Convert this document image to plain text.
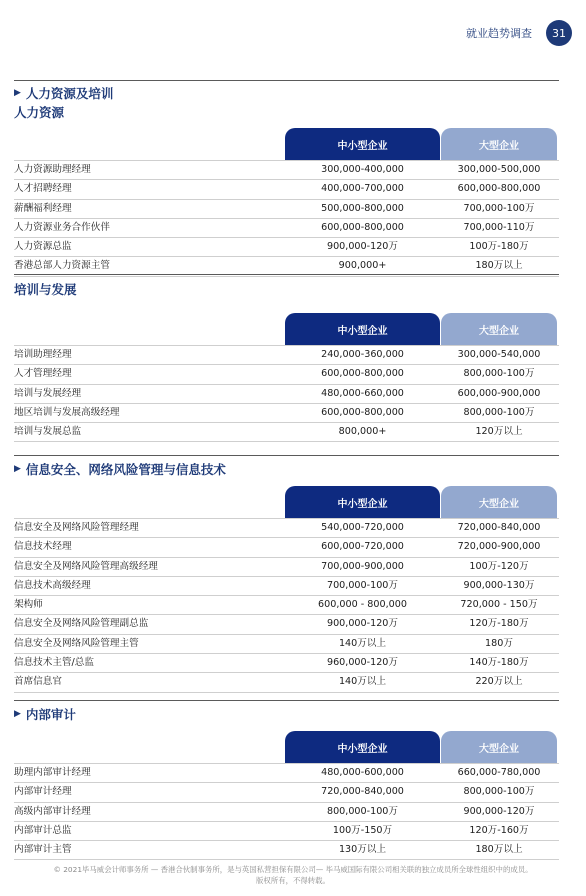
就业趋势调查	31
▶ 人力资源及培训
人力资源
中小型企业	大型企业
人力资源助理经理	300,000-400,000	300,000-500,000
人才招聘经理	400,000-700,000	600,000-800,000
薪酬福利经理	500,000-800,000	700,000-100万
人力资源业务合作伙伴	600,000-800,000	700,000-110万
人力资源总监	900,000-120万	100万-180万
香港总部人力资源主管	900,000+	180万以上
培训与发展
中小型企业	大型企业
培训助理经理	240,000-360,000	300,000-540,000
人才管理经理	600,000-800,000	800,000-100万
培训与发展经理	480,000-660,000	600,000-900,000
地区培训与发展高级经理	600,000-800,000	800,000-100万
培训与发展总监	800,000+	120万以上
▶ 信息安全、网络风险管理与信息技术
中小型企业	大型企业
信息安全及网络风险管理经理	540,000-720,000	720,000-840,000
信息技术经理	600,000-720,000	720,000-900,000
信息安全及网络风险管理高级经理	700,000-900,000	100万-120万
信息技术高级经理	700,000-100万	900,000-130万
架构师	600,000 - 800,000	720,000 - 150万
信息安全及网络风险管理副总监	900,000-120万	120万-180万
信息安全及网络风险管理主管	140万以上	180万
信息技术主管/总监	960,000-120万	140万-180万
首席信息官	140万以上	220万以上
▶ 内部审计
中小型企业	大型企业
助理内部审计经理	480,000-600,000	660,000-780,000
内部审计经理	720,000-840,000	800,000-100万
高级内部审计经理	800,000-100万	900,000-120万
内部审计总监	100万-150万	120万-160万
内部审计主管	130万以上	180万以上
© 2021毕马威会计师事务所 — 香港合伙制事务所，是与英国私营担保有限公司— 毕马威国际有限公司相关联的独立成员所全球性组织中的成员。
版权所有，不得转载。
